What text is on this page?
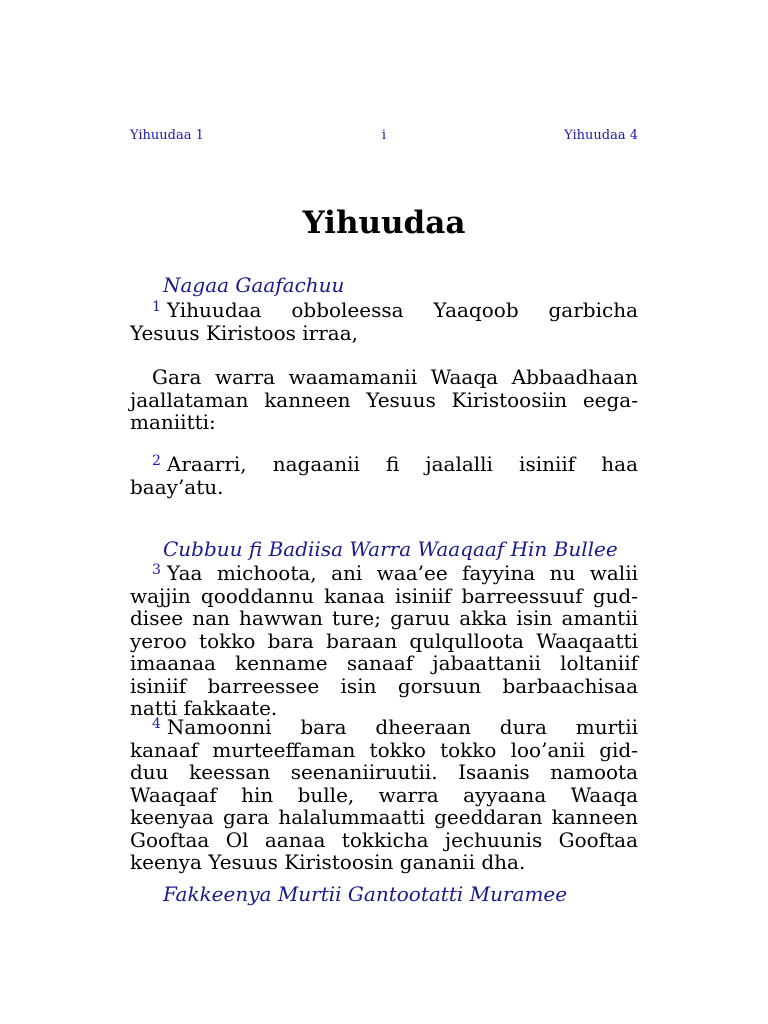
Yihuudaa 1	i	Yihuudaa 4
Yihuudaa
Nagaa Gaafachuu
$^1$ Yihuudaa obboleessa Yaaqoob garbicha
Yesuus Kiristoos irraa,
Gara warra waamamanii Waaqa Abbaadhaan
jaallataman kanneen Yesuus Kiristoosiin eega-
maniitti:
$^2$ Araarri, nagaanii fi jaalalli isiniif haa
baay’atu.
Cubbuu fi Badiisa Warra Waaqaaf Hin Bullee
$^3$ Yaa michoota, ani waa’ee fayyina nu walii
wajjin qooddannu kanaa isiniif barreessuuf gud-
disee nan hawwan ture; garuu akka isin amantii
yeroo tokko bara baraan qulqulloota Waaqaatti
imaanaa kenname sanaaf jabaattanii loltaniif
isiniif barreessee isin gorsuun barbaachisaa
natti fakkaate.
$^4$ Namoonni bara dheeraan dura murtii
kanaaf murteeffaman tokko tokko loo’anii gid-
duu keessan seenaniiruutii. Isaanis namoota
Waaqaaf hin bulle, warra ayyaana Waaqa
keenyaa gara halalummaatti geeddaran kanneen
Gooftaa Ol aanaa tokkicha jechuunis Gooftaa
keenya Yesuus Kiristoosin gananii dha.
Fakkeenya Murtii Gantootatti Muramee
